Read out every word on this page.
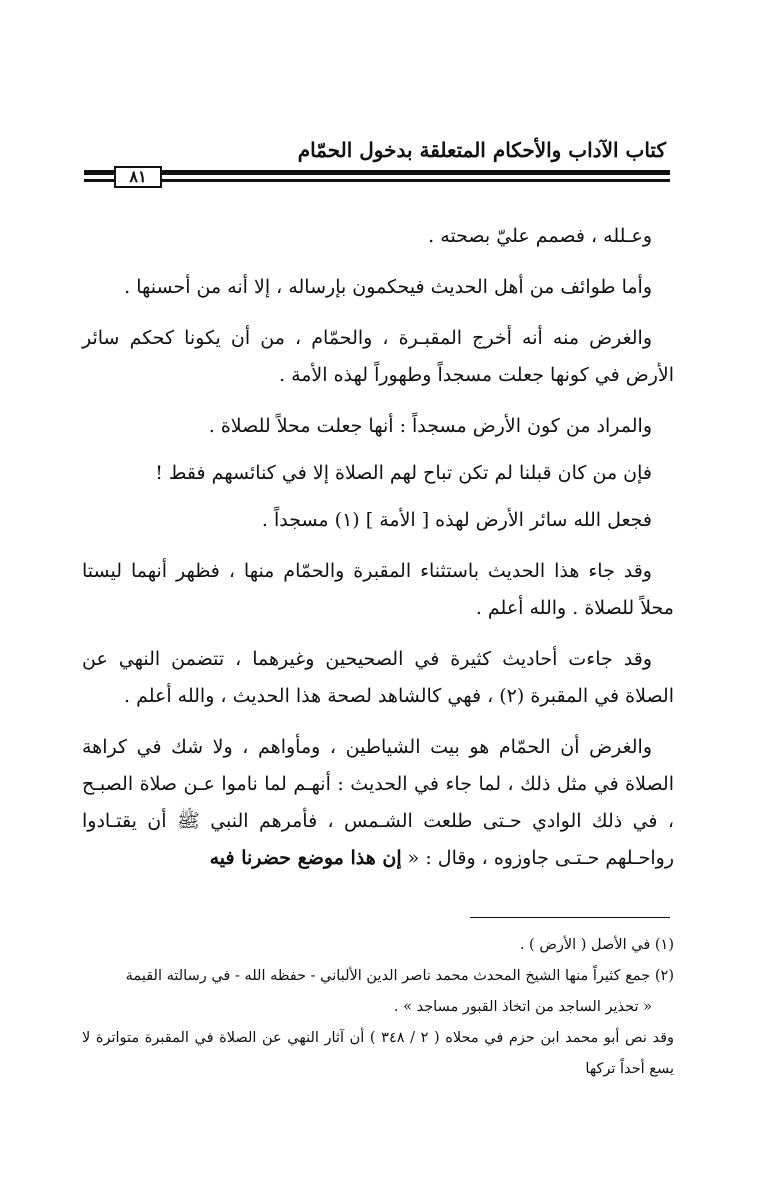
كتاب الآداب والأحكام المتعلقة بدخول الحمّام
٨١

وعـلله ، فصمم عليّ بصحته .

وأما طوائف من أهل الحديث فيحكمون بإرساله ، إلا أنه من أحسنها .

والغرض منه أنه أخرج المقبـرة ، والحمّام ، من أن يكونا كحكم سائر الأرض في كونها جعلت مسجداً وطهوراً لهذه الأمة .

والمراد من كون الأرض مسجداً : أنها جعلت محلاً للصلاة .

فإن من كان قبلنا لم تكن تباح لهم الصلاة إلا في كنائسهم فقط !

فجعل الله سائر الأرض لهذه [ الأمة ] (١) مسجداً .

وقد جاء هذا الحديث باستثناء المقبرة والحمّام منها ، فظهر أنهما ليستا محلاً للصلاة . والله أعلم .

وقد جاءت أحاديث كثيرة في الصحيحين وغيرهما ، تتضمن النهي عن الصلاة في المقبرة (٢) ، فهي كالشاهد لصحة هذا الحديث ، والله أعلم .

والغرض أن الحمّام هو بيت الشياطين ، ومأواهم ، ولا شك في كراهة الصلاة في مثل ذلك ، لما جاء في الحديث : أنهـم لما ناموا عـن صلاة الصبـح ، في ذلك الوادي حـتى طلعت الشـمس ، فأمرهم النبي ﷺ أن يقتـادوا رواحـلهم حـتـى جاوزوه ، وقال : « إن هذا موضع حضرنا فيه

(١) في الأصل ( الأرض ) .

(٢) جمع كثيراً منها الشيخ المحدث محمد ناصر الدين الألباني - حفظه الله - في رسالته القيمة

« تحذير الساجد من اتخاذ القبور مساجد » .

وقد نص أبو محمد ابن حزم في محلاه ( ٢ / ٣٤٨ ) أن آثار النهي عن الصلاة في المقبرة متواترة لا يسع أحداً تركها
